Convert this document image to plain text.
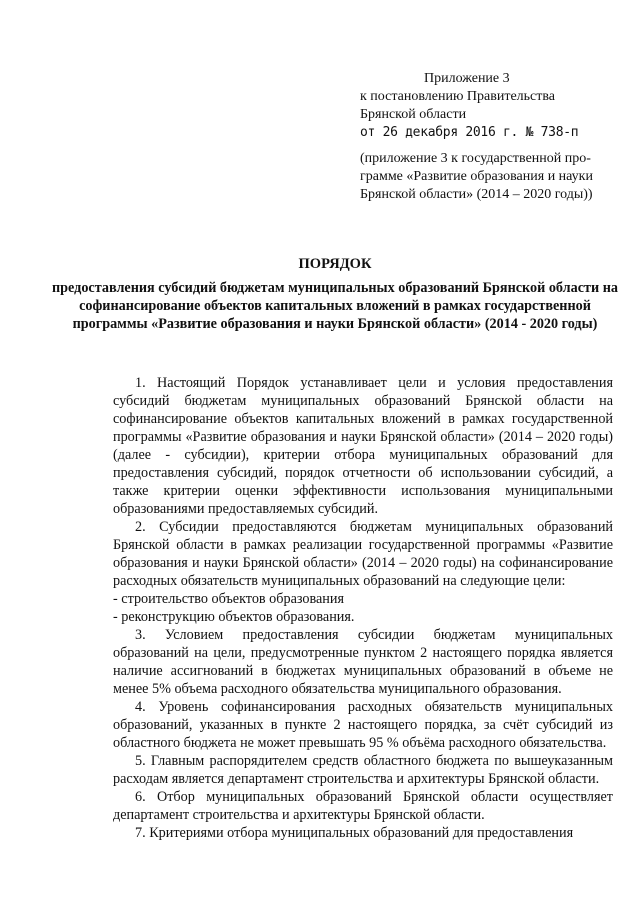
Приложение 3
к постановлению Правительства
Брянской области
от 26 декабря 2016 г. № 738-п
(приложение 3 к государственной про-
грамме «Развитие образования и науки
Брянской области» (2014 – 2020 годы))
ПОРЯДОК
предоставления субсидий бюджетам муниципальных образований Брянской области на софинансирование объектов капитальных вложений в рамках государственной программы «Развитие образования и науки Брянской области» (2014 - 2020 годы)

1. Настоящий Порядок устанавливает цели и условия предоставления субсидий бюджетам муниципальных образований Брянской области на софинансирование объектов капитальных вложений в рамках государственной программы «Развитие образования и науки Брянской области» (2014 – 2020 годы) (далее - субсидии), критерии отбора муниципальных образований для предоставления субсидий, порядок отчетности об использовании субсидий, а также критерии оценки эффективности использования муниципальными образованиями предоставляемых субсидий.

2. Субсидии предоставляются бюджетам муниципальных образований Брянской области в рамках реализации государственной программы «Развитие образования и науки Брянской области» (2014 – 2020 годы) на софинансирование расходных обязательств муниципальных образований на следующие цели:

- строительство объектов образования

- реконструкцию объектов образования.

3. Условием предоставления субсидии бюджетам муниципальных образований на цели, предусмотренные пунктом 2 настоящего порядка является наличие ассигнований в бюджетах муниципальных образований в объеме не менее 5% объема расходного обязательства муниципального образования.

4. Уровень софинансирования расходных обязательств муниципальных образований, указанных в пункте 2 настоящего порядка, за счёт субсидий из областного бюджета не может превышать 95 % объёма расходного обязательства.

5. Главным распорядителем средств областного бюджета по вышеуказанным расходам является департамент строительства и архитектуры Брянской области.

6. Отбор муниципальных образований Брянской области осуществляет департамент строительства и архитектуры Брянской области.

7. Критериями отбора муниципальных образований для предоставления
